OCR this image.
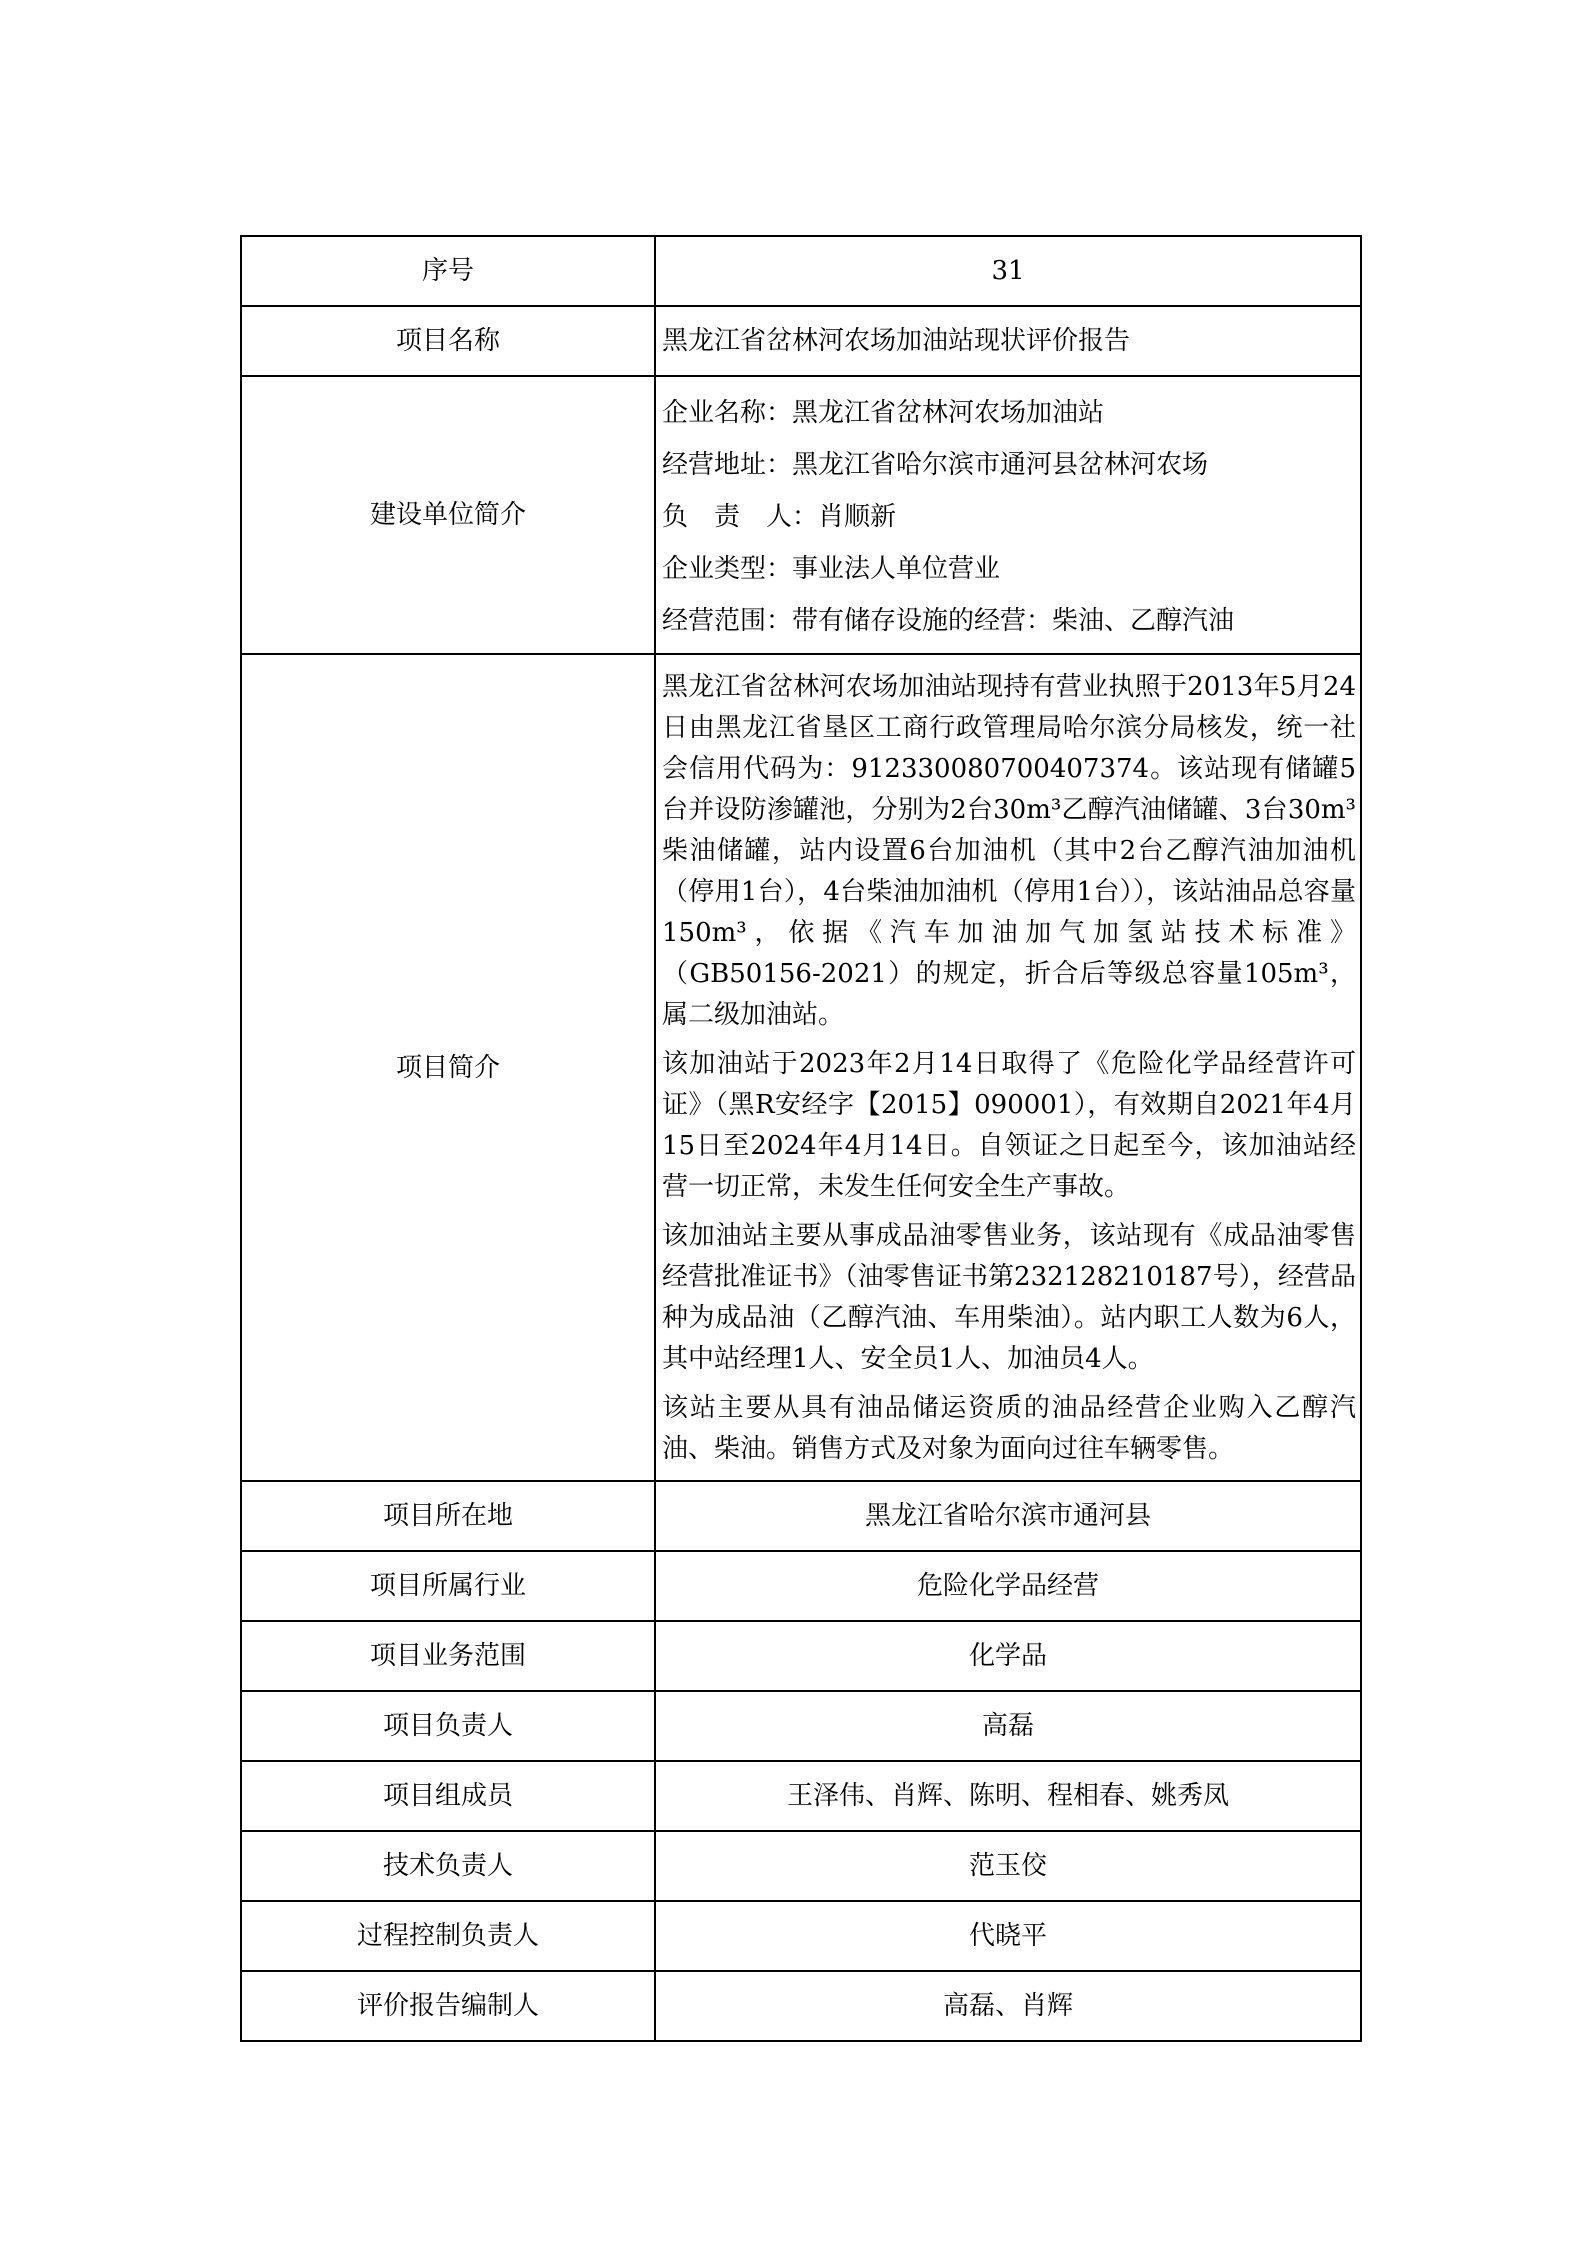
序号	31
项目名称	黑龙江省岔林河农场加油站现状评价报告
建设单位简介	企业名称：黑龙江省岔林河农场加油站
经营地址：黑龙江省哈尔滨市通河县岔林河农场
负　责　人：肖顺新
企业类型：事业法人单位营业
经营范围：带有储存设施的经营：柴油、乙醇汽油

项目简介	黑龙江省岔林河农场加油站现持有营业执照于2013年5月24日由黑龙江省垦区工商行政管理局哈尔滨分局核发，统一社会信用代码为：91233008070040737​4。该站现有储罐5台并设防渗罐池，分别为2台30m³乙醇汽油储罐、3台30m³柴油储罐，站内设置6台加油机（其中2台乙醇汽油加油机（停用1台），4台柴油加油机（停用1台）），该站油品总容量150m³，依据《汽车加油加气加氢站技术标准》（GB50156-2021）的规定，折合后等级总容量105m³，属二级加油站。

该加油站于2023年2月14日取得了《危险化学品经营许可证》（黑R安经字【2015】090001），有效期自2021年4月15日至2024年4月14日。自领证之日起至今，该加油站经营一切正常，未发生任何安全生产事故。

该加油站主要从事成品油零售业务，该站现有《成品油零售经营批准证书》（油零售证书第232128210187号），经营品种为成品油（乙醇汽油、车用柴油）。站内职工人数为6人，其中站经理1人、安全员1人、加油员4人。

该站主要从具有油品储运资质的油品经营企业购入乙醇汽油、柴油。销售方式及对象为面向过往车辆零售。

项目所在地	黑龙江省哈尔滨市通河县
项目所属行业	危险化学品经营
项目业务范围	化学品
项目负责人	高磊
项目组成员	王泽伟、肖辉、陈明、程相春、姚秀凤
技术负责人	范玉佼
过程控制负责人	代晓平
评价报告编制人	高磊、肖辉
